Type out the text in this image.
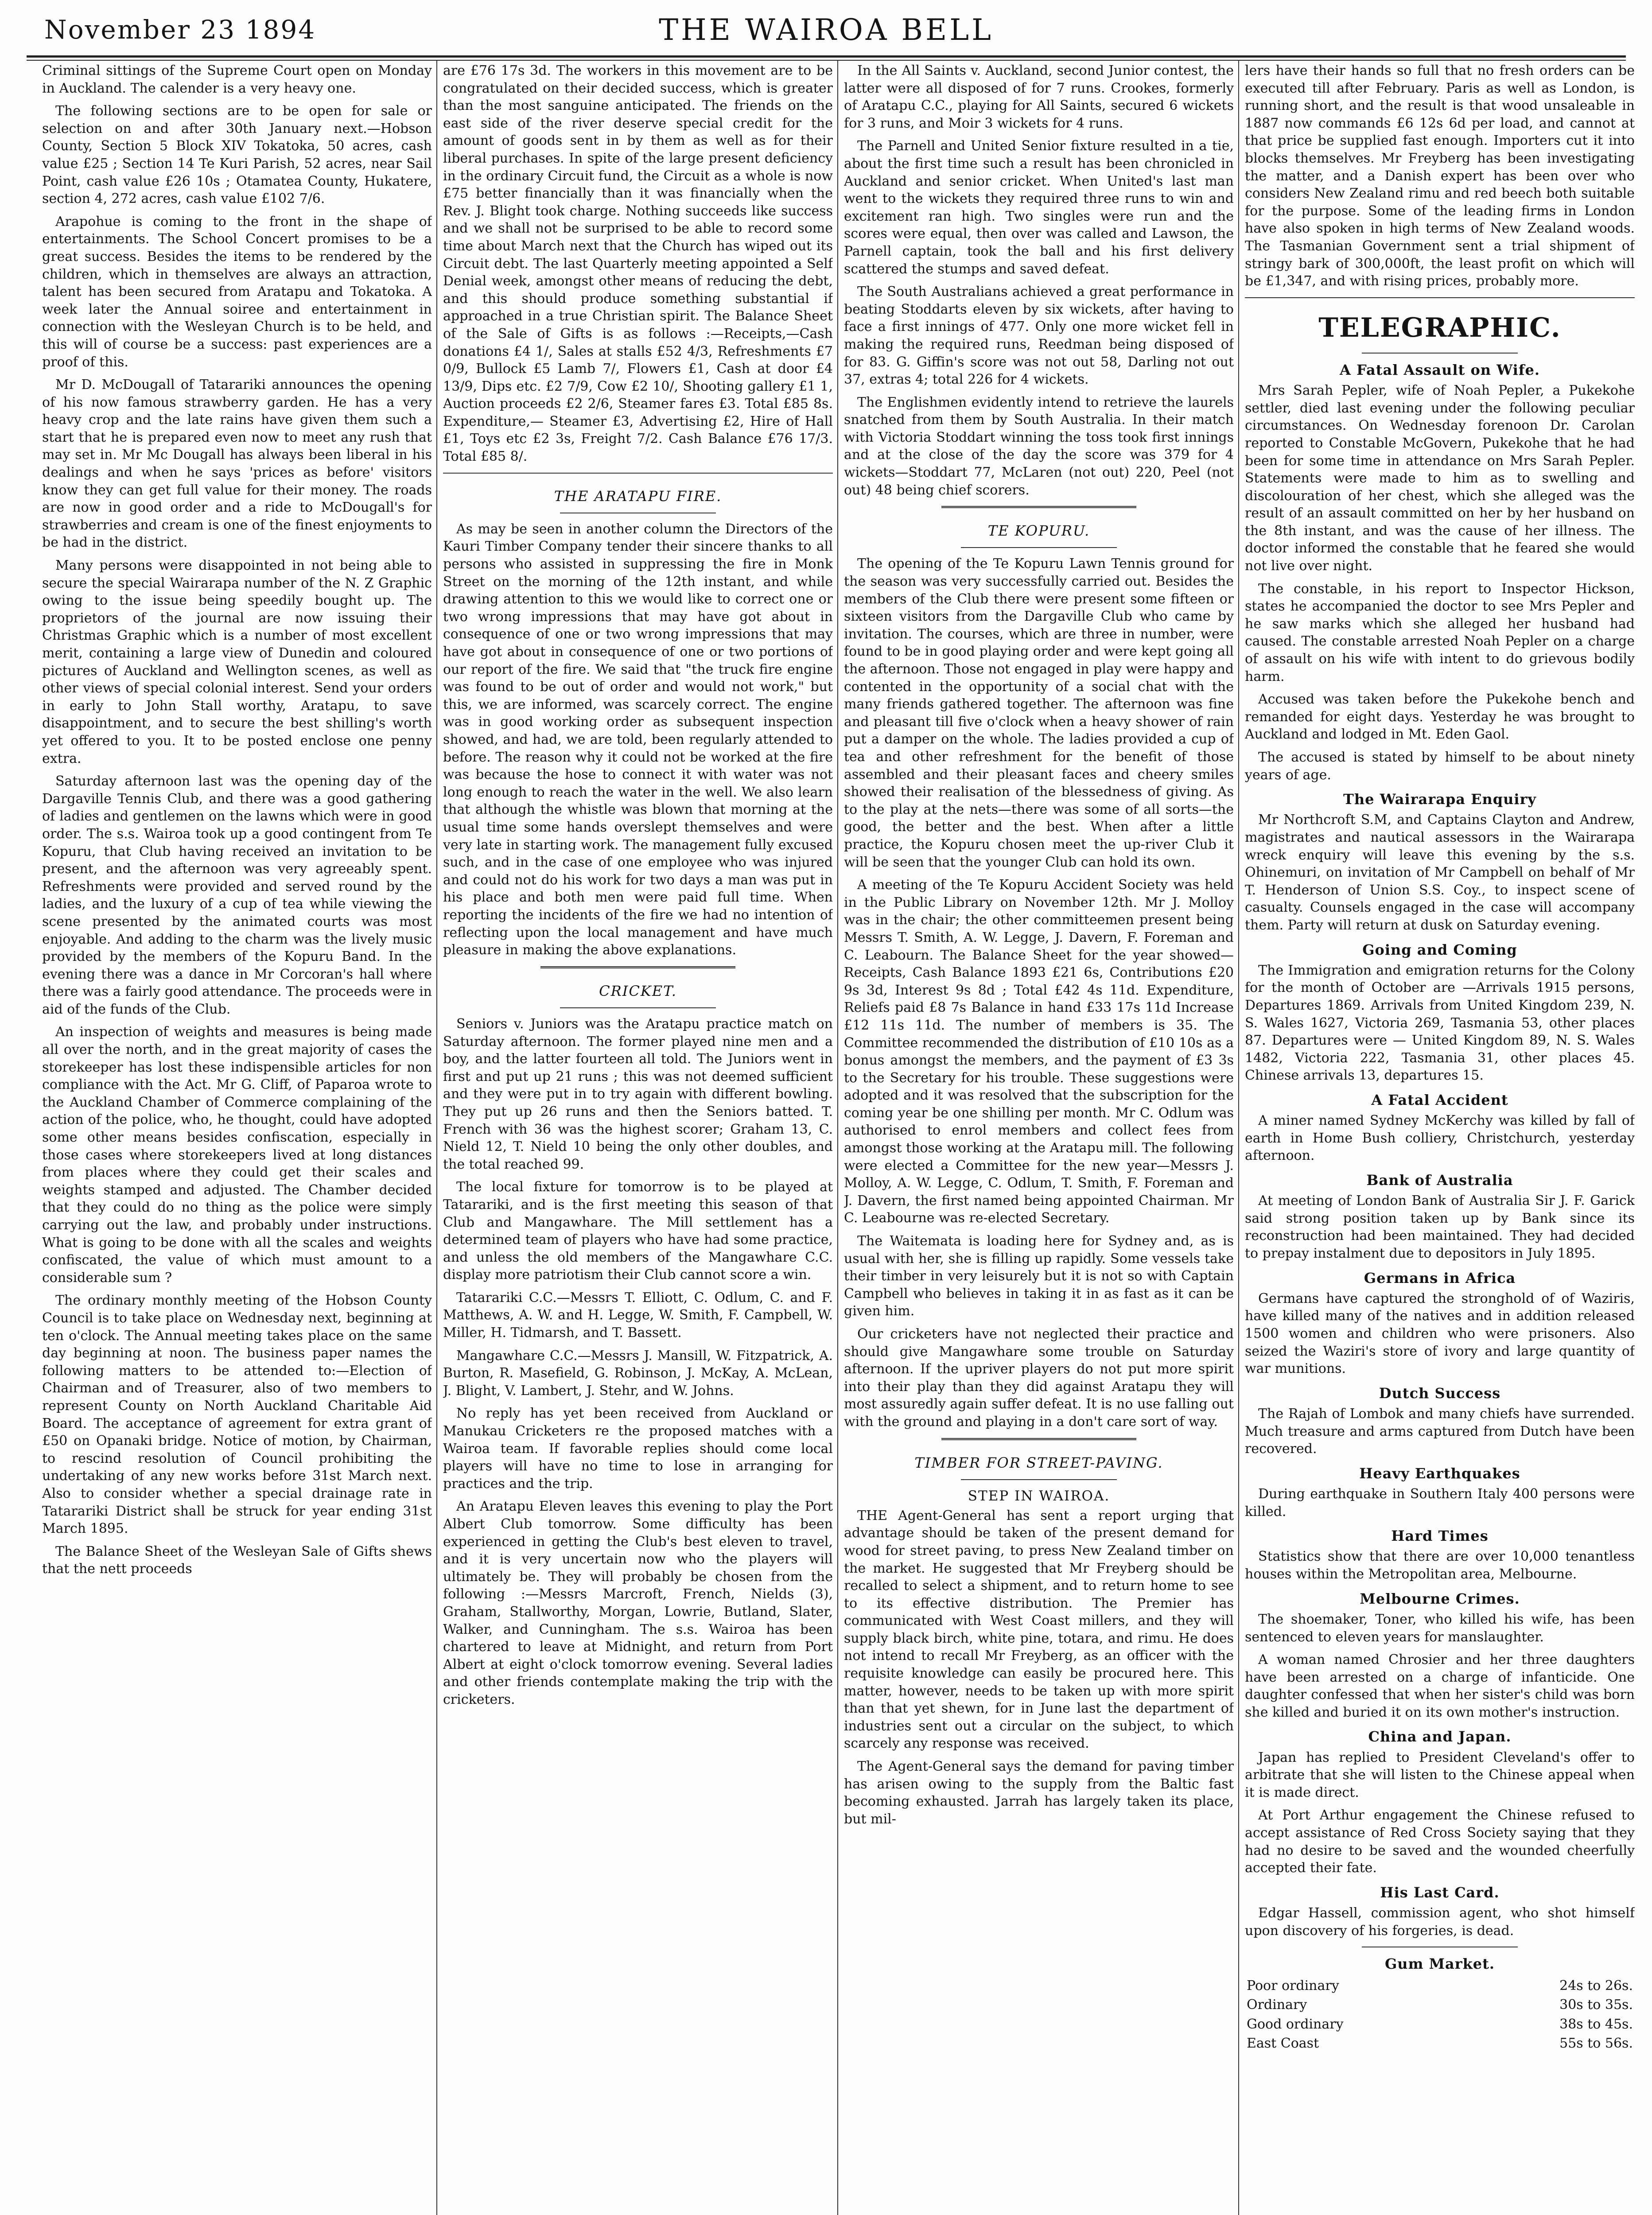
November 23 1894	THE WAIROA BELL

Criminal sittings of the Supreme Court open on Monday in Auckland. The calender is a very heavy one.

The following sections are to be open for sale or selection on and after 30th January next.—Hobson County, Section 5 Block XIV Tokatoka, 50 acres, cash value £25 ; Section 14 Te Kuri Parish, 52 acres, near Sail Point, cash value £26 10s ; Otamatea County, Hukatere, section 4, 272 acres, cash value £102 7/6.

Arapohue is coming to the front in the shape of entertainments. The School Concert promises to be a great success. Besides the items to be rendered by the children, which in themselves are always an attraction, talent has been secured from Aratapu and Tokatoka. A week later the Annual soiree and entertainment in connection with the Wesleyan Church is to be held, and this will of course be a success: past experiences are a proof of this.

Mr D. McDougall of Tatarariki announces the opening of his now famous strawberry garden. He has a very heavy crop and the late rains have given them such a start that he is prepared even now to meet any rush that may set in. Mr Mc Dougall has always been liberal in his dealings and when he says 'prices as before' visitors know they can get full value for their money. The roads are now in good order and a ride to McDougall's for strawberries and cream is one of the finest enjoyments to be had in the district.

Many persons were disappointed in not being able to secure the special Wairarapa number of the N. Z Graphic owing to the issue being speedily bought up. The proprietors of the journal are now issuing their Christmas Graphic which is a number of most excellent merit, containing a large view of Dunedin and coloured pictures of Auckland and Wellington scenes, as well as other views of special colonial interest. Send your orders in early to John Stall worthy, Aratapu, to save disappointment, and to secure the best shilling's worth yet offered to you. It to be posted enclose one penny extra.

Saturday afternoon last was the opening day of the Dargaville Tennis Club, and there was a good gathering of ladies and gentlemen on the lawns which were in good order. The s.s. Wairoa took up a good contingent from Te Kopuru, that Club having received an invitation to be present, and the afternoon was very agreeably spent. Refreshments were provided and served round by the ladies, and the luxury of a cup of tea while viewing the scene presented by the animated courts was most enjoyable. And adding to the charm was the lively music provided by the members of the Kopuru Band. In the evening there was a dance in Mr Corcoran's hall where there was a fairly good attendance. The proceeds were in aid of the funds of the Club.

An inspection of weights and measures is being made all over the north, and in the great majority of cases the storekeeper has lost these indispensible articles for non compliance with the Act. Mr G. Cliff, of Paparoa wrote to the Auckland Chamber of Commerce complaining of the action of the police, who, he thought, could have adopted some other means besides confiscation, especially in those cases where storekeepers lived at long distances from places where they could get their scales and weights stamped and adjusted. The Chamber decided that they could do no thing as the police were simply carrying out the law, and probably under instructions. What is going to be done with all the scales and weights confiscated, the value of which must amount to a considerable sum ?

The ordinary monthly meeting of the Hobson County Council is to take place on Wednesday next, beginning at ten o'clock. The Annual meeting takes place on the same day beginning at noon. The business paper names the following matters to be attended to:—Election of Chairman and of Treasurer, also of two members to represent County on North Auckland Charitable Aid Board. The acceptance of agreement for extra grant of £50 on Opanaki bridge. Notice of motion, by Chairman, to rescind resolution of Council prohibiting the undertaking of any new works before 31st March next. Also to consider whether a special drainage rate in Tatarariki District shall be struck for year ending 31st March 1895.

The Balance Sheet of the Wesleyan Sale of Gifts shews that the nett proceeds

are £76 17s 3d. The workers in this movement are to be congratulated on their decided success, which is greater than the most sanguine anticipated. The friends on the east side of the river deserve special credit for the amount of goods sent in by them as well as for their liberal purchases. In spite of the large present deficiency in the ordinary Circuit fund, the Circuit as a whole is now £75 better financially than it was financially when the Rev. J. Blight took charge. Nothing succeeds like success and we shall not be surprised to be able to record some time about March next that the Church has wiped out its Circuit debt. The last Quarterly meeting appointed a Self Denial week, amongst other means of reducing the debt, and this should produce something substantial if approached in a true Christian spirit. The Balance Sheet of the Sale of Gifts is as follows :—Receipts,—Cash donations £4 1/, Sales at stalls £52 4/3, Refreshments £7 0/9, Bullock £5 Lamb 7/, Flowers £1, Cash at door £4 13/9, Dips etc. £2 7/9, Cow £2 10/, Shooting gallery £1 1, Auction proceeds £2 2/6, Steamer fares £3. Total £85 8s. Expenditure,— Steamer £3, Advertising £2, Hire of Hall £1, Toys etc £2 3s, Freight 7/2. Cash Balance £76 17/3. Total £85 8/.

THE ARATAPU FIRE.

As may be seen in another column the Directors of the Kauri Timber Company tender their sincere thanks to all persons who assisted in suppressing the fire in Monk Street on the morning of the 12th instant, and while drawing attention to this we would like to correct one or two wrong impressions that may have got about in consequence of one or two wrong impressions that may have got about in consequence of one or two portions of our report of the fire. We said that "the truck fire engine was found to be out of order and would not work," but this, we are informed, was scarcely correct. The engine was in good working order as subsequent inspection showed, and had, we are told, been regularly attended to before. The reason why it could not be worked at the fire was because the hose to connect it with water was not long enough to reach the water in the well. We also learn that although the whistle was blown that morning at the usual time some hands overslept themselves and were very late in starting work. The management fully excused such, and in the case of one employee who was injured and could not do his work for two days a man was put in his place and both men were paid full time. When reporting the incidents of the fire we had no intention of reflecting upon the local management and have much pleasure in making the above explanations.

CRICKET.

Seniors v. Juniors was the Aratapu practice match on Saturday afternoon. The former played nine men and a boy, and the latter fourteen all told. The Juniors went in first and put up 21 runs ; this was not deemed sufficient and they were put in to try again with different bowling. They put up 26 runs and then the Seniors batted. T. French with 36 was the highest scorer; Graham 13, C. Nield 12, T. Nield 10 being the only other doubles, and the total reached 99.

The local fixture for tomorrow is to be played at Tatarariki, and is the first meeting this season of that Club and Mangawhare. The Mill settlement has a determined team of players who have had some practice, and unless the old members of the Mangawhare C.C. display more patriotism their Club cannot score a win.

Tatarariki C.C.—Messrs T. Elliott, C. Odlum, C. and F. Matthews, A. W. and H. Legge, W. Smith, F. Campbell, W. Miller, H. Tidmarsh, and T. Bassett.

Mangawhare C.C.—Messrs J. Mansill, W. Fitzpatrick, A. Burton, R. Masefield, G. Robinson, J. McKay, A. McLean, J. Blight, V. Lambert, J. Stehr, and W. Johns.

No reply has yet been received from Auckland or Manukau Cricketers re the proposed matches with a Wairoa team. If favorable replies should come local players will have no time to lose in arranging for practices and the trip.

An Aratapu Eleven leaves this evening to play the Port Albert Club tomorrow. Some difficulty has been experienced in getting the Club's best eleven to travel, and it is very uncertain now who the players will ultimately be. They will probably be chosen from the following :—Messrs Marcroft, French, Nields (3), Graham, Stallworthy, Morgan, Lowrie, Butland, Slater, Walker, and Cunningham. The s.s. Wairoa has been chartered to leave at Midnight, and return from Port Albert at eight o'clock tomorrow evening. Several ladies and other friends contemplate making the trip with the cricketers.

In the All Saints v. Auckland, second Junior contest, the latter were all disposed of for 7 runs. Crookes, formerly of Aratapu C.C., playing for All Saints, secured 6 wickets for 3 runs, and Moir 3 wickets for 4 runs.

The Parnell and United Senior fixture resulted in a tie, about the first time such a result has been chronicled in Auckland and senior cricket. When United's last man went to the wickets they required three runs to win and excitement ran high. Two singles were run and the scores were equal, then over was called and Lawson, the Parnell captain, took the ball and his first delivery scattered the stumps and saved defeat.

The South Australians achieved a great performance in beating Stoddarts eleven by six wickets, after having to face a first innings of 477. Only one more wicket fell in making the required runs, Reedman being disposed of for 83. G. Giffin's score was not out 58, Darling not out 37, extras 4; total 226 for 4 wickets.

The Englishmen evidently intend to retrieve the laurels snatched from them by South Australia. In their match with Victoria Stoddart winning the toss took first innings and at the close of the day the score was 379 for 4 wickets—Stoddart 77, McLaren (not out) 220, Peel (not out) 48 being chief scorers.

TE KOPURU.

The opening of the Te Kopuru Lawn Tennis ground for the season was very successfully carried out. Besides the members of the Club there were present some fifteen or sixteen visitors from the Dargaville Club who came by invitation. The courses, which are three in number, were found to be in good playing order and were kept going all the afternoon. Those not engaged in play were happy and contented in the opportunity of a social chat with the many friends gathered together. The afternoon was fine and pleasant till five o'clock when a heavy shower of rain put a damper on the whole. The ladies provided a cup of tea and other refreshment for the benefit of those assembled and their pleasant faces and cheery smiles showed their realisation of the blessedness of giving. As to the play at the nets—there was some of all sorts—the good, the better and the best. When after a little practice, the Kopuru chosen meet the up-river Club it will be seen that the younger Club can hold its own.

A meeting of the Te Kopuru Accident Society was held in the Public Library on November 12th. Mr J. Molloy was in the chair; the other committeemen present being Messrs T. Smith, A. W. Legge, J. Davern, F. Foreman and C. Leabourn. The Balance Sheet for the year showed—Receipts, Cash Balance 1893 £21 6s, Contributions £20 9s 3d, Interest 9s 8d ; Total £42 4s 11d. Expenditure, Reliefs paid £8 7s Balance in hand £33 17s 11d Increase £12 11s 11d. The number of members is 35. The Committee recommended the distribution of £10 10s as a bonus amongst the members, and the payment of £3 3s to the Secretary for his trouble. These suggestions were adopted and it was resolved that the subscription for the coming year be one shilling per month. Mr C. Odlum was authorised to enrol members and collect fees from amongst those working at the Aratapu mill. The following were elected a Committee for the new year—Messrs J. Molloy, A. W. Legge, C. Odlum, T. Smith, F. Foreman and J. Davern, the first named being appointed Chairman. Mr C. Leabourne was re-elected Secretary.

The Waitemata is loading here for Sydney and, as is usual with her, she is filling up rapidly. Some vessels take their timber in very leisurely but it is not so with Captain Campbell who believes in taking it in as fast as it can be given him.

Our cricketers have not neglected their practice and should give Mangawhare some trouble on Saturday afternoon. If the upriver players do not put more spirit into their play than they did against Aratapu they will most assuredly again suffer defeat. It is no use falling out with the ground and playing in a don't care sort of way.

TIMBER FOR STREET-PAVING.
STEP IN WAIROA.

THE Agent-General has sent a report urging that advantage should be taken of the present demand for wood for street paving, to press New Zealand timber on the market. He suggested that Mr Freyberg should be recalled to select a shipment, and to return home to see to its effective distribution. The Premier has communicated with West Coast millers, and they will supply black birch, white pine, totara, and rimu. He does not intend to recall Mr Freyberg, as an officer with the requisite knowledge can easily be procured here. This matter, however, needs to be taken up with more spirit than that yet shewn, for in June last the department of industries sent out a circular on the subject, to which scarcely any response was received.

The Agent-General says the demand for paving timber has arisen owing to the supply from the Baltic fast becoming exhausted. Jarrah has largely taken its place, but mil-

lers have their hands so full that no fresh orders can be executed till after February. Paris as well as London, is running short, and the result is that wood unsaleable in 1887 now commands £6 12s 6d per load, and cannot at that price be supplied fast enough. Importers cut it into blocks themselves. Mr Freyberg has been investigating the matter, and a Danish expert has been over who considers New Zealand rimu and red beech both suitable for the purpose. Some of the leading firms in London have also spoken in high terms of New Zealand woods. The Tasmanian Government sent a trial shipment of stringy bark of 300,000ft, the least profit on which will be £1,347, and with rising prices, probably more.

TELEGRAPHIC.
A Fatal Assault on Wife.

Mrs Sarah Pepler, wife of Noah Pepler, a Pukekohe settler, died last evening under the following peculiar circumstances. On Wednesday forenoon Dr. Carolan reported to Constable McGovern, Pukekohe that he had been for some time in attendance on Mrs Sarah Pepler. Statements were made to him as to swelling and discolouration of her chest, which she alleged was the result of an assault committed on her by her husband on the 8th instant, and was the cause of her illness. The doctor informed the constable that he feared she would not live over night.

The constable, in his report to Inspector Hickson, states he accompanied the doctor to see Mrs Pepler and he saw marks which she alleged her husband had caused. The constable arrested Noah Pepler on a charge of assault on his wife with intent to do grievous bodily harm.

Accused was taken before the Pukekohe bench and remanded for eight days. Yesterday he was brought to Auckland and lodged in Mt. Eden Gaol.

The accused is stated by himself to be about ninety years of age.

The Wairarapa Enquiry

Mr Northcroft S.M, and Captains Clayton and Andrew, magistrates and nautical assessors in the Wairarapa wreck enquiry will leave this evening by the s.s. Ohinemuri, on invitation of Mr Campbell on behalf of Mr T. Henderson of Union S.S. Coy., to inspect scene of casualty. Counsels engaged in the case will accompany them. Party will return at dusk on Saturday evening.

Going and Coming

The Immigration and emigration returns for the Colony for the month of October are —Arrivals 1915 persons, Departures 1869. Arrivals from United Kingdom 239, N. S. Wales 1627, Victoria 269, Tasmania 53, other places 87. Departures were — United Kingdom 89, N. S. Wales 1482, Victoria 222, Tasmania 31, other places 45. Chinese arrivals 13, departures 15.

A Fatal Accident

A miner named Sydney McKerchy was killed by fall of earth in Home Bush colliery, Christchurch, yesterday afternoon.

Bank of Australia

At meeting of London Bank of Australia Sir J. F. Garick said strong position taken up by Bank since its reconstruction had been maintained. They had decided to prepay instalment due to depositors in July 1895.

Germans in Africa

Germans have captured the stronghold of of Waziris, have killed many of the natives and in addition released 1500 women and children who were prisoners. Also seized the Waziri's store of ivory and large quantity of war munitions.

Dutch Success

The Rajah of Lombok and many chiefs have surrended. Much treasure and arms captured from Dutch have been recovered.

Heavy Earthquakes

During earthquake in Southern Italy 400 persons were killed.

Hard Times

Statistics show that there are over 10,000 tenantless houses within the Metropolitan area, Melbourne.

Melbourne Crimes.

The shoemaker, Toner, who killed his wife, has been sentenced to eleven years for manslaughter.

A woman named Chrosier and her three daughters have been arrested on a charge of infanticide. One daughter confessed that when her sister's child was born she killed and buried it on its own mother's instruction.

China and Japan.

Japan has replied to President Cleveland's offer to arbitrate that she will listen to the Chinese appeal when it is made direct.

At Port Arthur engagement the Chinese refused to accept assistance of Red Cross Society saying that they had no desire to be saved and the wounded cheerfully accepted their fate.

His Last Card.

Edgar Hassell, commission agent, who shot himself upon discovery of his forgeries, is dead.

Gum Market.
Poor ordinary	24s to 26s.
Ordinary	30s to 35s.
Good ordinary	38s to 45s.
East Coast	55s to 56s.
